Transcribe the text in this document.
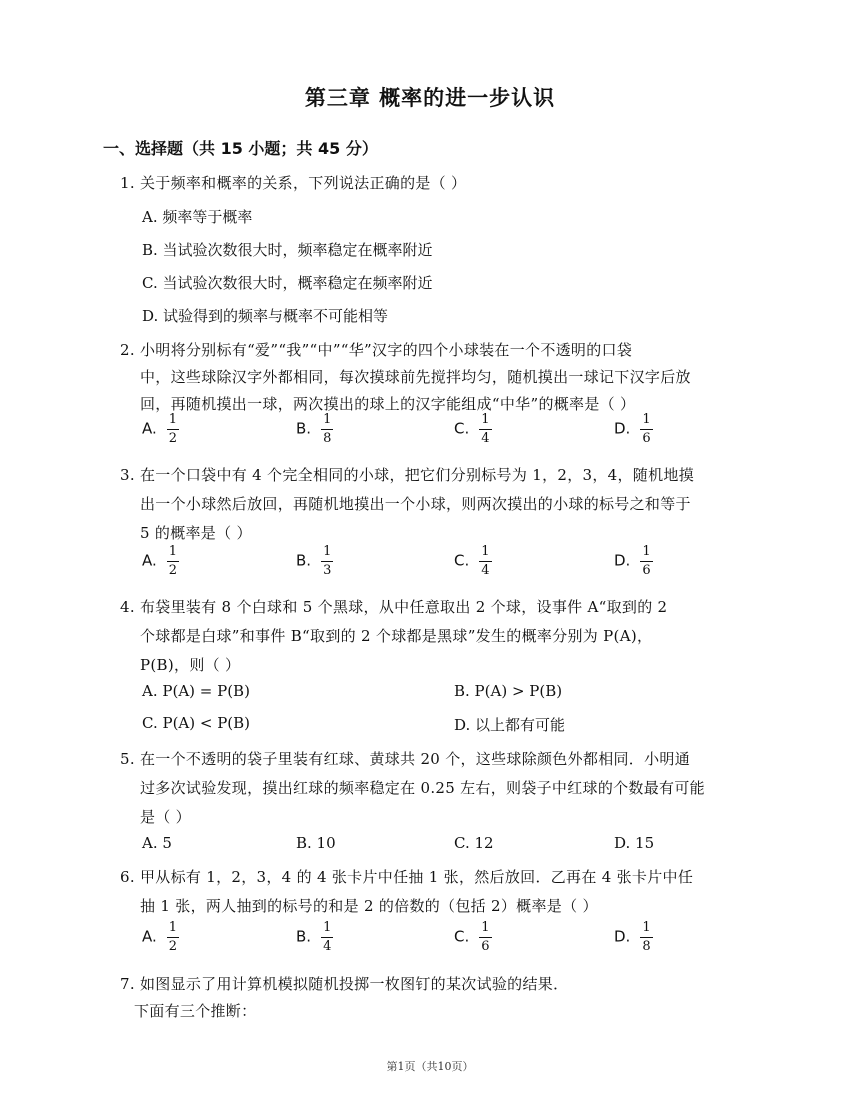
第三章 概率的进一步认识
一、选择题（共 15 小题；共 45 分）
1. 关于频率和概率的关系，下列说法正确的是（ ）
A. 频率等于概率
B. 当试验次数很大时，频率稳定在概率附近
C. 当试验次数很大时，概率稳定在频率附近
D. 试验得到的频率与概率不可能相等
2. 小明将分别标有“爱”“我”“中”“华”汉字的四个小球装在一个不透明的口袋
中，这些球除汉字外都相同，每次摸球前先搅拌均匀，随机摸出一球记下汉字后放
回，再随机摸出一球，两次摸出的球上的汉字能组成“中华”的概率是（ ）
A. $\frac{1}{2}$	B. $\frac{1}{8}$	C. $\frac{1}{4}$	D. $\frac{1}{6}$
3. 在一个口袋中有 4 个完全相同的小球，把它们分别标号为 1，2，3，4，随机地摸
出一个小球然后放回，再随机地摸出一个小球，则两次摸出的小球的标号之和等于
5 的概率是（ ）
A. $\frac{1}{2}$	B. $\frac{1}{3}$	C. $\frac{1}{4}$	D. $\frac{1}{6}$
4. 布袋里装有 8 个白球和 5 个黑球，从中任意取出 2 个球，设事件 A“取到的 2
个球都是白球”和事件 B“取到的 2 个球都是黑球”发生的概率分别为 P(A)，
P(B)，则（ ）
A. P(A) = P(B)	B. P(A) > P(B)
C. P(A) < P(B)	D. 以上都有可能
5. 在一个不透明的袋子里装有红球、黄球共 20 个，这些球除颜色外都相同．小明通
过多次试验发现，摸出红球的频率稳定在 0.25 左右，则袋子中红球的个数最有可能
是（ ）
A. 5	B. 10	C. 12	D. 15
6. 甲从标有 1，2，3，4 的 4 张卡片中任抽 1 张，然后放回．乙再在 4 张卡片中任
抽 1 张，两人抽到的标号的和是 2 的倍数的（包括 2）概率是（ ）
A. $\frac{1}{2}$	B. $\frac{1}{4}$	C. $\frac{1}{6}$	D. $\frac{1}{8}$
7. 如图显示了用计算机模拟随机投掷一枚图钉的某次试验的结果．
下面有三个推断：
第1页（共10页）
